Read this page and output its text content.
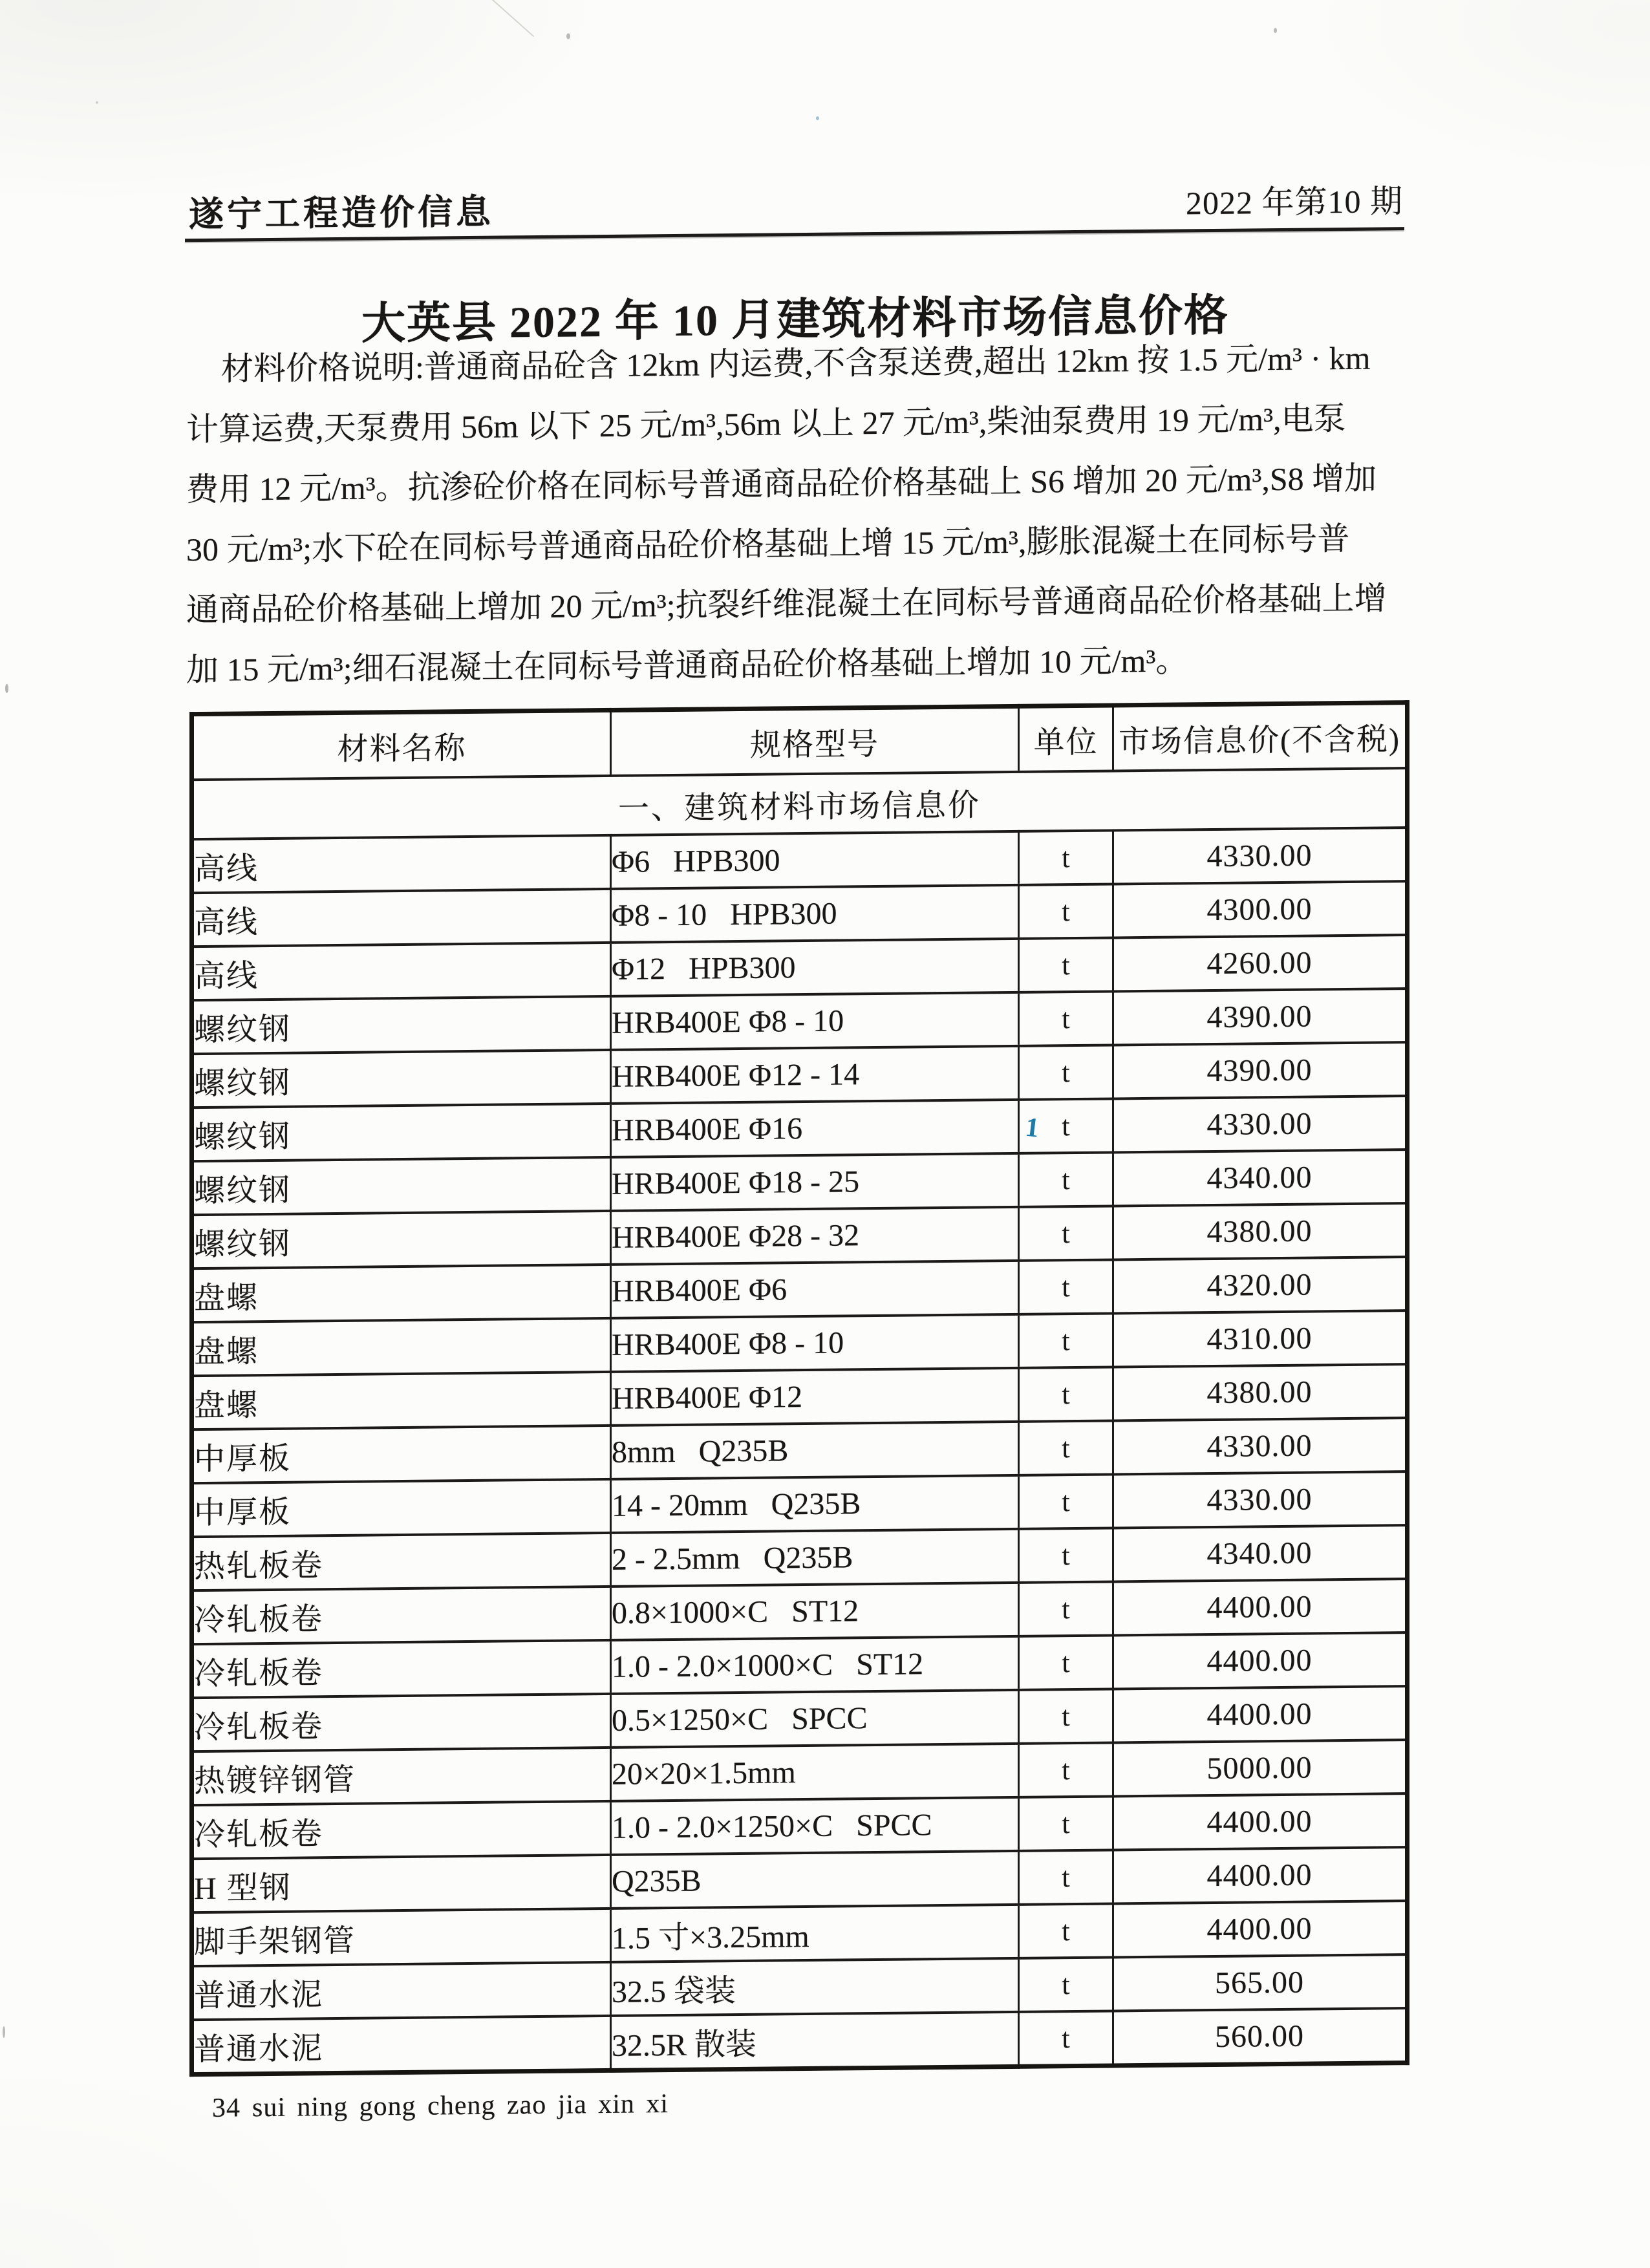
遂宁工程造价信息	2022 年第10 期
大英县 2022 年 10 月建筑材料市场信息价格

材料价格说明:普通商品砼含 12km 内运费,不含泵送费,超出 12km 按 1.5 元/m³ · km

计算运费,天泵费用 56m 以下 25 元/m³,56m 以上 27 元/m³,柴油泵费用 19 元/m³,电泵

费用 12 元/m³。抗渗砼价格在同标号普通商品砼价格基础上 S6 增加 20 元/m³,S8 增加

30 元/m³;水下砼在同标号普通商品砼价格基础上增 15 元/m³,膨胀混凝土在同标号普

通商品砼价格基础上增加 20 元/m³;抗裂纤维混凝土在同标号普通商品砼价格基础上增

加 15 元/m³;细石混凝土在同标号普通商品砼价格基础上增加 10 元/m³。

材料名称	规格型号	单位	市场信息价(不含税)
一、建筑材料市场信息价			
高线	Φ6   HPB300	t	4330.00
高线	Φ8 - 10   HPB300	t	4300.00
高线	Φ12   HPB300	t	4260.00
螺纹钢	HRB400E Φ8 - 10	t	4390.00
螺纹钢	HRB400E Φ12 - 14	t	4390.00
螺纹钢	HRB400E Φ16	t	4330.00
螺纹钢	HRB400E Φ18 - 25	t	4340.00
螺纹钢	HRB400E Φ28 - 32	t	4380.00
盘螺	HRB400E Φ6	t	4320.00
盘螺	HRB400E Φ8 - 10	t	4310.00
盘螺	HRB400E Φ12	t	4380.00
中厚板	8mm   Q235B	t	4330.00
中厚板	14 - 20mm   Q235B	t	4330.00
热轧板卷	2 - 2.5mm   Q235B	t	4340.00
冷轧板卷	0.8×1000×C   ST12	t	4400.00
冷轧板卷	1.0 - 2.0×1000×C   ST12	t	4400.00
冷轧板卷	0.5×1250×C   SPCC	t	4400.00
热镀锌钢管	20×20×1.5mm	t	5000.00
冷轧板卷	1.0 - 2.0×1250×C   SPCC	t	4400.00
H 型钢	Q235B	t	4400.00
脚手架钢管	1.5 寸×3.25mm	t	4400.00
普通水泥	32.5 袋装	t	565.00
普通水泥	32.5R 散装	t	560.00
1
34 sui ning gong cheng zao jia xin xi
